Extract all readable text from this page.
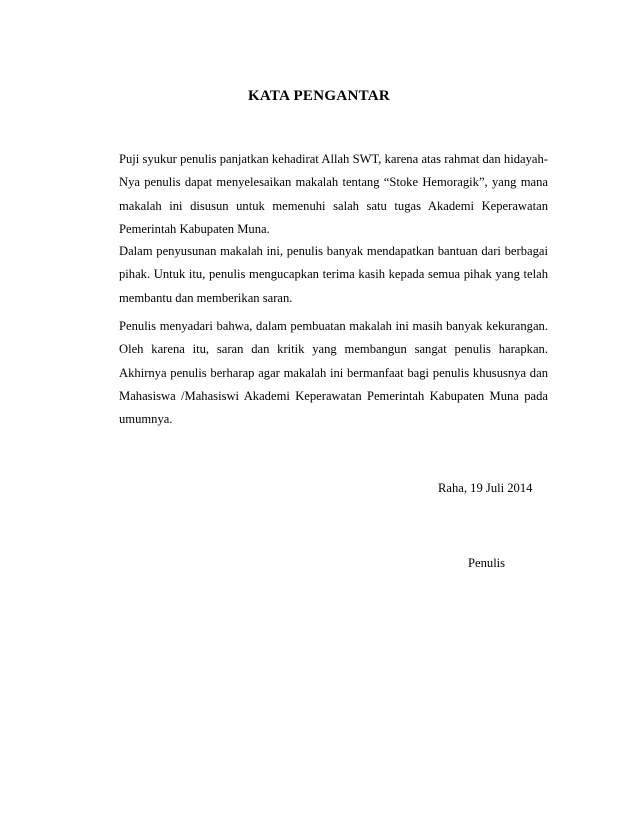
KATA PENGANTAR

Puji syukur penulis panjatkan kehadirat Allah SWT, karena atas rahmat dan hidayah-Nya penulis dapat menyelesaikan makalah tentang “Stoke Hemoragik”, yang mana makalah ini disusun untuk memenuhi salah satu tugas Akademi Keperawatan Pemerintah Kabupaten Muna.

Dalam penyusunan makalah ini, penulis banyak mendapatkan bantuan dari berbagai pihak. Untuk itu, penulis mengucapkan terima kasih kepada semua pihak yang telah membantu dan memberikan saran.

Penulis menyadari bahwa, dalam pembuatan makalah ini masih banyak kekurangan. Oleh karena itu, saran dan kritik yang membangun sangat penulis harapkan. Akhirnya penulis berharap agar makalah ini bermanfaat bagi penulis khususnya dan Mahasiswa /Mahasiswi Akademi Keperawatan Pemerintah Kabupaten Muna pada umumnya.

Raha, 19 Juli 2014
Penulis
